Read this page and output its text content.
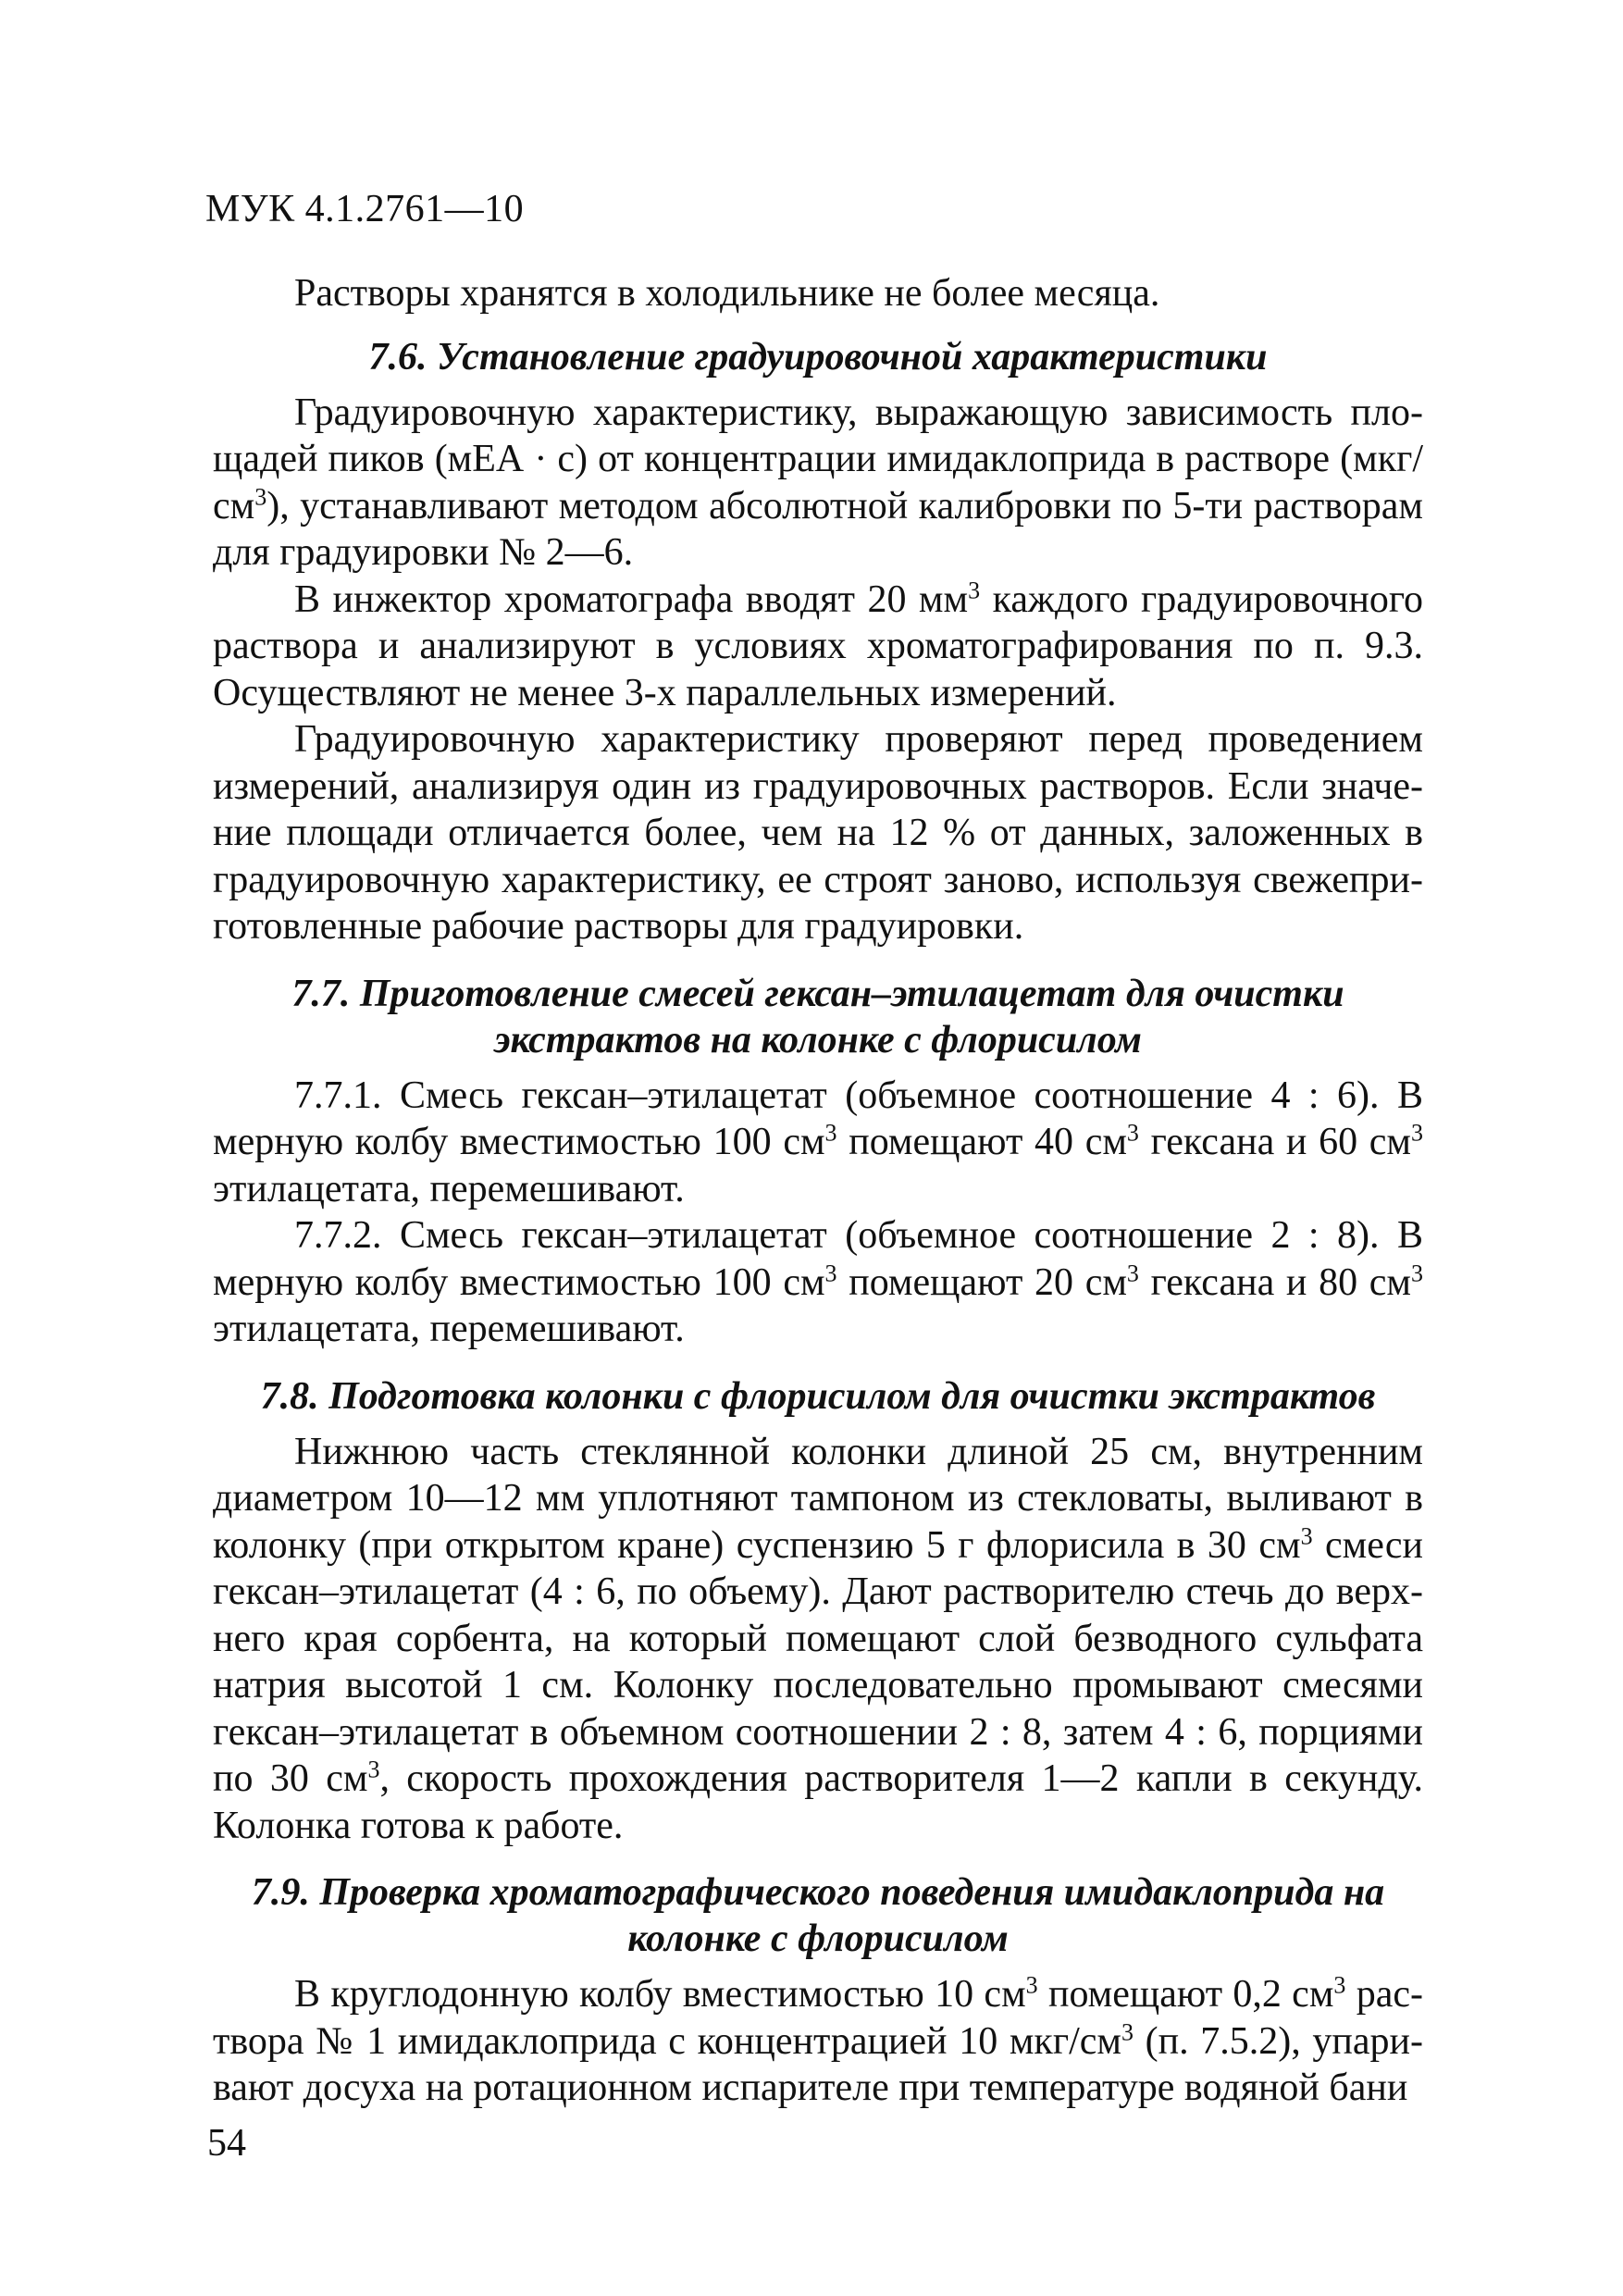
МУК 4.1.2761—10

Растворы хранятся в холодильнике не более месяца.

7.6. Установление градуировочной характеристики

Градуировочную характеристику, выражающую зависимость площадей пиков (мЕА · с) от концентрации имидаклоприда в растворе $(мкг/см^3)$, устанавливают методом абсолютной калибровки по 5-ти растворам для градуировки № 2—6.

В инжектор хроматографа вводят 20 $мм^3$ каждого градуировочного раствора и анализируют в условиях хроматографирования по п. 9.3. Осуществляют не менее 3-х параллельных измерений.

Градуировочную характеристику проверяют перед проведением измерений, анализируя один из градуировочных растворов. Если значение площади отличается более, чем на 12 % от данных, заложенных в градуировочную характеристику, ее строят заново, используя свежеприготовленные рабочие растворы для градуировки.

7.7. Приготовление смесей гексан–этилацетат для очистки экстрактов на колонке с флорисилом

7.7.1. Смесь гексан–этилацетат (объемное соотношение 4 : 6). В мерную колбу вместимостью 100 $см^3$ помещают 40 $см^3$ гексана и 60 $см^3$ этилацетата, перемешивают.

7.7.2. Смесь гексан–этилацетат (объемное соотношение 2 : 8). В мерную колбу вместимостью 100 $см^3$ помещают 20 $см^3$ гексана и 80 $см^3$ этилацетата, перемешивают.

7.8. Подготовка колонки с флорисилом для очистки экстрактов

Нижнюю часть стеклянной колонки длиной 25 см, внутренним диаметром 10—12 мм уплотняют тампоном из стекловаты, выливают в колонку (при открытом кране) суспензию 5 г флорисила в 30 $см^3$ смеси гексан–этилацетат (4 : 6, по объему). Дают растворителю стечь до верхнего края сорбента, на который помещают слой безводного сульфата натрия высотой 1 см. Колонку последовательно промывают смесями гексан–этилацетат в объемном соотношении 2 : 8, затем 4 : 6, порциями по 30 $см^3$, скорость прохождения растворителя 1—2 капли в секунду. Колонка готова к работе.

7.9. Проверка хроматографического поведения имидаклоприда на колонке с флорисилом

В круглодонную колбу вместимостью 10 $см^3$ помещают 0,2 $см^3$ раствора № 1 имидаклоприда с концентрацией 10 мкг/$см^3$ (п. 7.5.2), упаривают досуха на ротационном испарителе при температуре водяной бани

54
